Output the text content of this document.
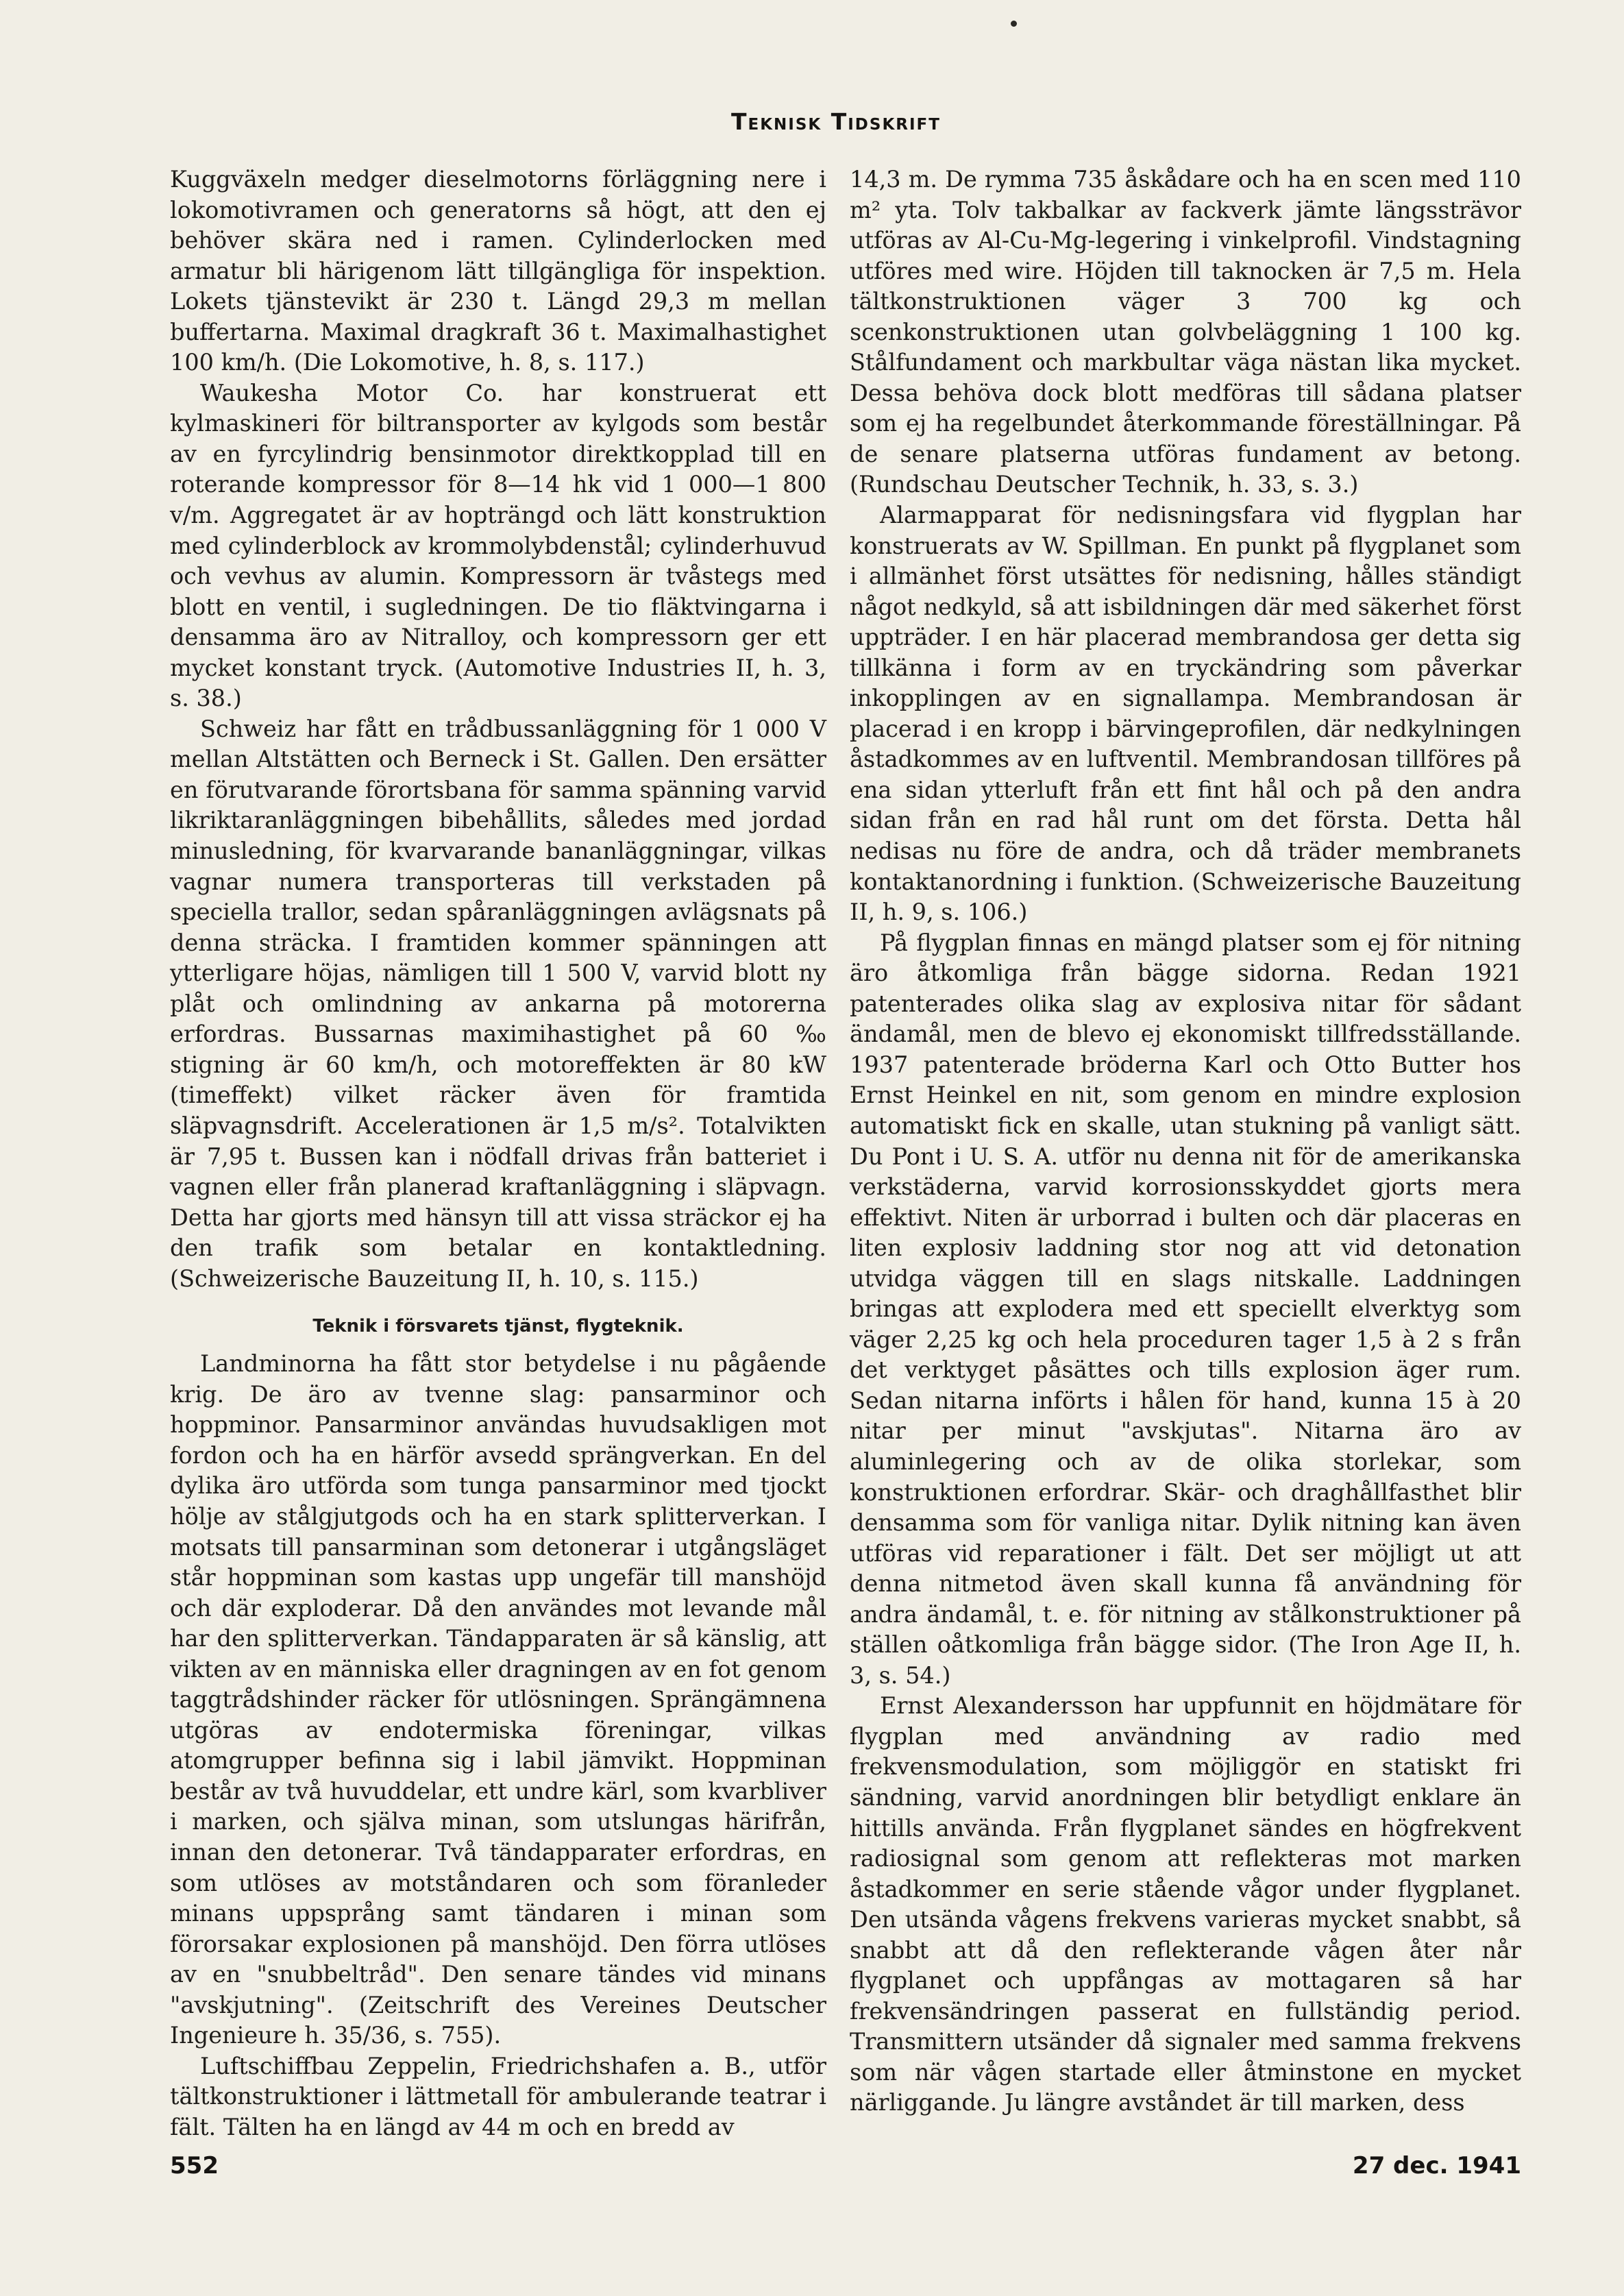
Teknisk Tidskrift

Kuggväxeln medger dieselmotorns förläggning nere i lokomotivramen och generatorns så högt, att den ej behöver skära ned i ramen. Cylinderlocken med armatur bli härigenom lätt tillgängliga för inspektion. Lokets tjänstevikt är 230 t. Längd 29,3 m mellan buffertarna. Maximal dragkraft 36 t. Maximalhastighet 100 km/h. (Die Lokomotive, h. 8, s. 117.)

Waukesha Motor Co. har konstruerat ett kylmaskineri för biltransporter av kylgods som består av en fyrcylindrig bensinmotor direktkopplad till en roterande kompressor för 8—14 hk vid 1 000—1 800 v/m. Aggregatet är av hopträngd och lätt konstruktion med cylinderblock av krommolybdenstål; cylinderhuvud och vevhus av alumin. Kompressorn är tvåstegs med blott en ventil, i sugledningen. De tio fläktvingarna i densamma äro av Nitralloy, och kompressorn ger ett mycket konstant tryck. (Automotive Industries II, h. 3, s. 38.)

Schweiz har fått en trådbussanläggning för 1 000 V mellan Altstätten och Berneck i St. Gallen. Den ersätter en förutvarande förortsbana för samma spänning varvid likriktaranläggningen bibehållits, således med jordad minusledning, för kvarvarande bananläggningar, vilkas vagnar numera transporteras till verkstaden på speciella trallor, sedan spåranläggningen avlägsnats på denna sträcka. I framtiden kommer spänningen att ytterligare höjas, nämligen till 1 500 V, varvid blott ny plåt och omlindning av ankarna på motorerna erfordras. Bussarnas maximihastighet på 60 ‰ stigning är 60 km/h, och motoreffekten är 80 kW (timeffekt) vilket räcker även för framtida släpvagnsdrift. Accelerationen är 1,5 m/s². Totalvikten är 7,95 t. Bussen kan i nödfall drivas från batteriet i vagnen eller från planerad kraftanläggning i släpvagn. Detta har gjorts med hänsyn till att vissa sträckor ej ha den trafik som betalar en kontaktledning. (Schweizerische Bauzeitung II, h. 10, s. 115.)

Teknik i försvarets tjänst, flygteknik.

Landminorna ha fått stor betydelse i nu pågående krig. De äro av tvenne slag: pansarminor och hoppminor. Pansarminor användas huvudsakligen mot fordon och ha en härför avsedd sprängverkan. En del dylika äro utförda som tunga pansarminor med tjockt hölje av stålgjutgods och ha en stark splitterverkan. I motsats till pansarminan som detonerar i utgångsläget står hoppminan som kastas upp ungefär till manshöjd och där exploderar. Då den användes mot levande mål har den splitterverkan. Tändapparaten är så känslig, att vikten av en människa eller dragningen av en fot genom taggtrådshinder räcker för utlösningen. Sprängämnena utgöras av endotermiska föreningar, vilkas atomgrupper befinna sig i labil jämvikt. Hoppminan består av två huvuddelar, ett undre kärl, som kvarbliver i marken, och själva minan, som utslungas härifrån, innan den detonerar. Två tändapparater erfordras, en som utlöses av motståndaren och som föranleder minans uppsprång samt tändaren i minan som förorsakar explosionen på manshöjd. Den förra utlöses av en "snubbeltråd". Den senare tändes vid minans "avskjutning". (Zeitschrift des Vereines Deutscher Ingenieure h. 35/36, s. 755).

Luftschiffbau Zeppelin, Friedrichshafen a. B., utför tältkonstruktioner i lättmetall för ambulerande teatrar i fält. Tälten ha en längd av 44 m och en bredd av

14,3 m. De rymma 735 åskådare och ha en scen med 110 m² yta. Tolv takbalkar av fackverk jämte längssträvor utföras av Al-Cu-Mg-legering i vinkelprofil. Vindstagning utföres med wire. Höjden till taknocken är 7,5 m. Hela tältkonstruktionen väger 3 700 kg och scenkonstruktionen utan golvbeläggning 1 100 kg. Stålfundament och markbultar väga nästan lika mycket. Dessa behöva dock blott medföras till sådana platser som ej ha regelbundet återkommande föreställningar. På de senare platserna utföras fundament av betong. (Rundschau Deutscher Technik, h. 33, s. 3.)

Alarmapparat för nedisningsfara vid flygplan har konstruerats av W. Spillman. En punkt på flygplanet som i allmänhet först utsättes för nedisning, hålles ständigt något nedkyld, så att isbildningen där med säkerhet först uppträder. I en här placerad membrandosa ger detta sig tillkänna i form av en tryckändring som påverkar inkopplingen av en signallampa. Membrandosan är placerad i en kropp i bärvingeprofilen, där nedkylningen åstadkommes av en luftventil. Membrandosan tillföres på ena sidan ytterluft från ett fint hål och på den andra sidan från en rad hål runt om det första. Detta hål nedisas nu före de andra, och då träder membranets kontaktanordning i funktion. (Schweizerische Bauzeitung II, h. 9, s. 106.)

På flygplan finnas en mängd platser som ej för nitning äro åtkomliga från bägge sidorna. Redan 1921 patenterades olika slag av explosiva nitar för sådant ändamål, men de blevo ej ekonomiskt tillfredsställande. 1937 patenterade bröderna Karl och Otto Butter hos Ernst Heinkel en nit, som genom en mindre explosion automatiskt fick en skalle, utan stukning på vanligt sätt. Du Pont i U. S. A. utför nu denna nit för de amerikanska verkstäderna, varvid korrosionsskyddet gjorts mera effektivt. Niten är urborrad i bulten och där placeras en liten explosiv laddning stor nog att vid detonation utvidga väggen till en slags nitskalle. Laddningen bringas att explodera med ett speciellt elverktyg som väger 2,25 kg och hela proceduren tager 1,5 à 2 s från det verktyget påsättes och tills explosion äger rum. Sedan nitarna införts i hålen för hand, kunna 15 à 20 nitar per minut "avskjutas". Nitarna äro av aluminlegering och av de olika storlekar, som konstruktionen erfordrar. Skär- och draghållfasthet blir densamma som för vanliga nitar. Dylik nitning kan även utföras vid reparationer i fält. Det ser möjligt ut att denna nitmetod även skall kunna få användning för andra ändamål, t. e. för nitning av stålkonstruktioner på ställen oåtkomliga från bägge sidor. (The Iron Age II, h. 3, s. 54.)

Ernst Alexandersson har uppfunnit en höjdmätare för flygplan med användning av radio med frekvensmodulation, som möjliggör en statiskt fri sändning, varvid anordningen blir betydligt enklare än hittills använda. Från flygplanet sändes en högfrekvent radiosignal som genom att reflekteras mot marken åstadkommer en serie stående vågor under flygplanet. Den utsända vågens frekvens varieras mycket snabbt, så snabbt att då den reflekterande vågen åter når flygplanet och uppfångas av mottagaren så har frekvensändringen passerat en fullständig period. Transmittern utsänder då signaler med samma frekvens som när vågen startade eller åtminstone en mycket närliggande. Ju längre avståndet är till marken, dess

552	27 dec. 1941
